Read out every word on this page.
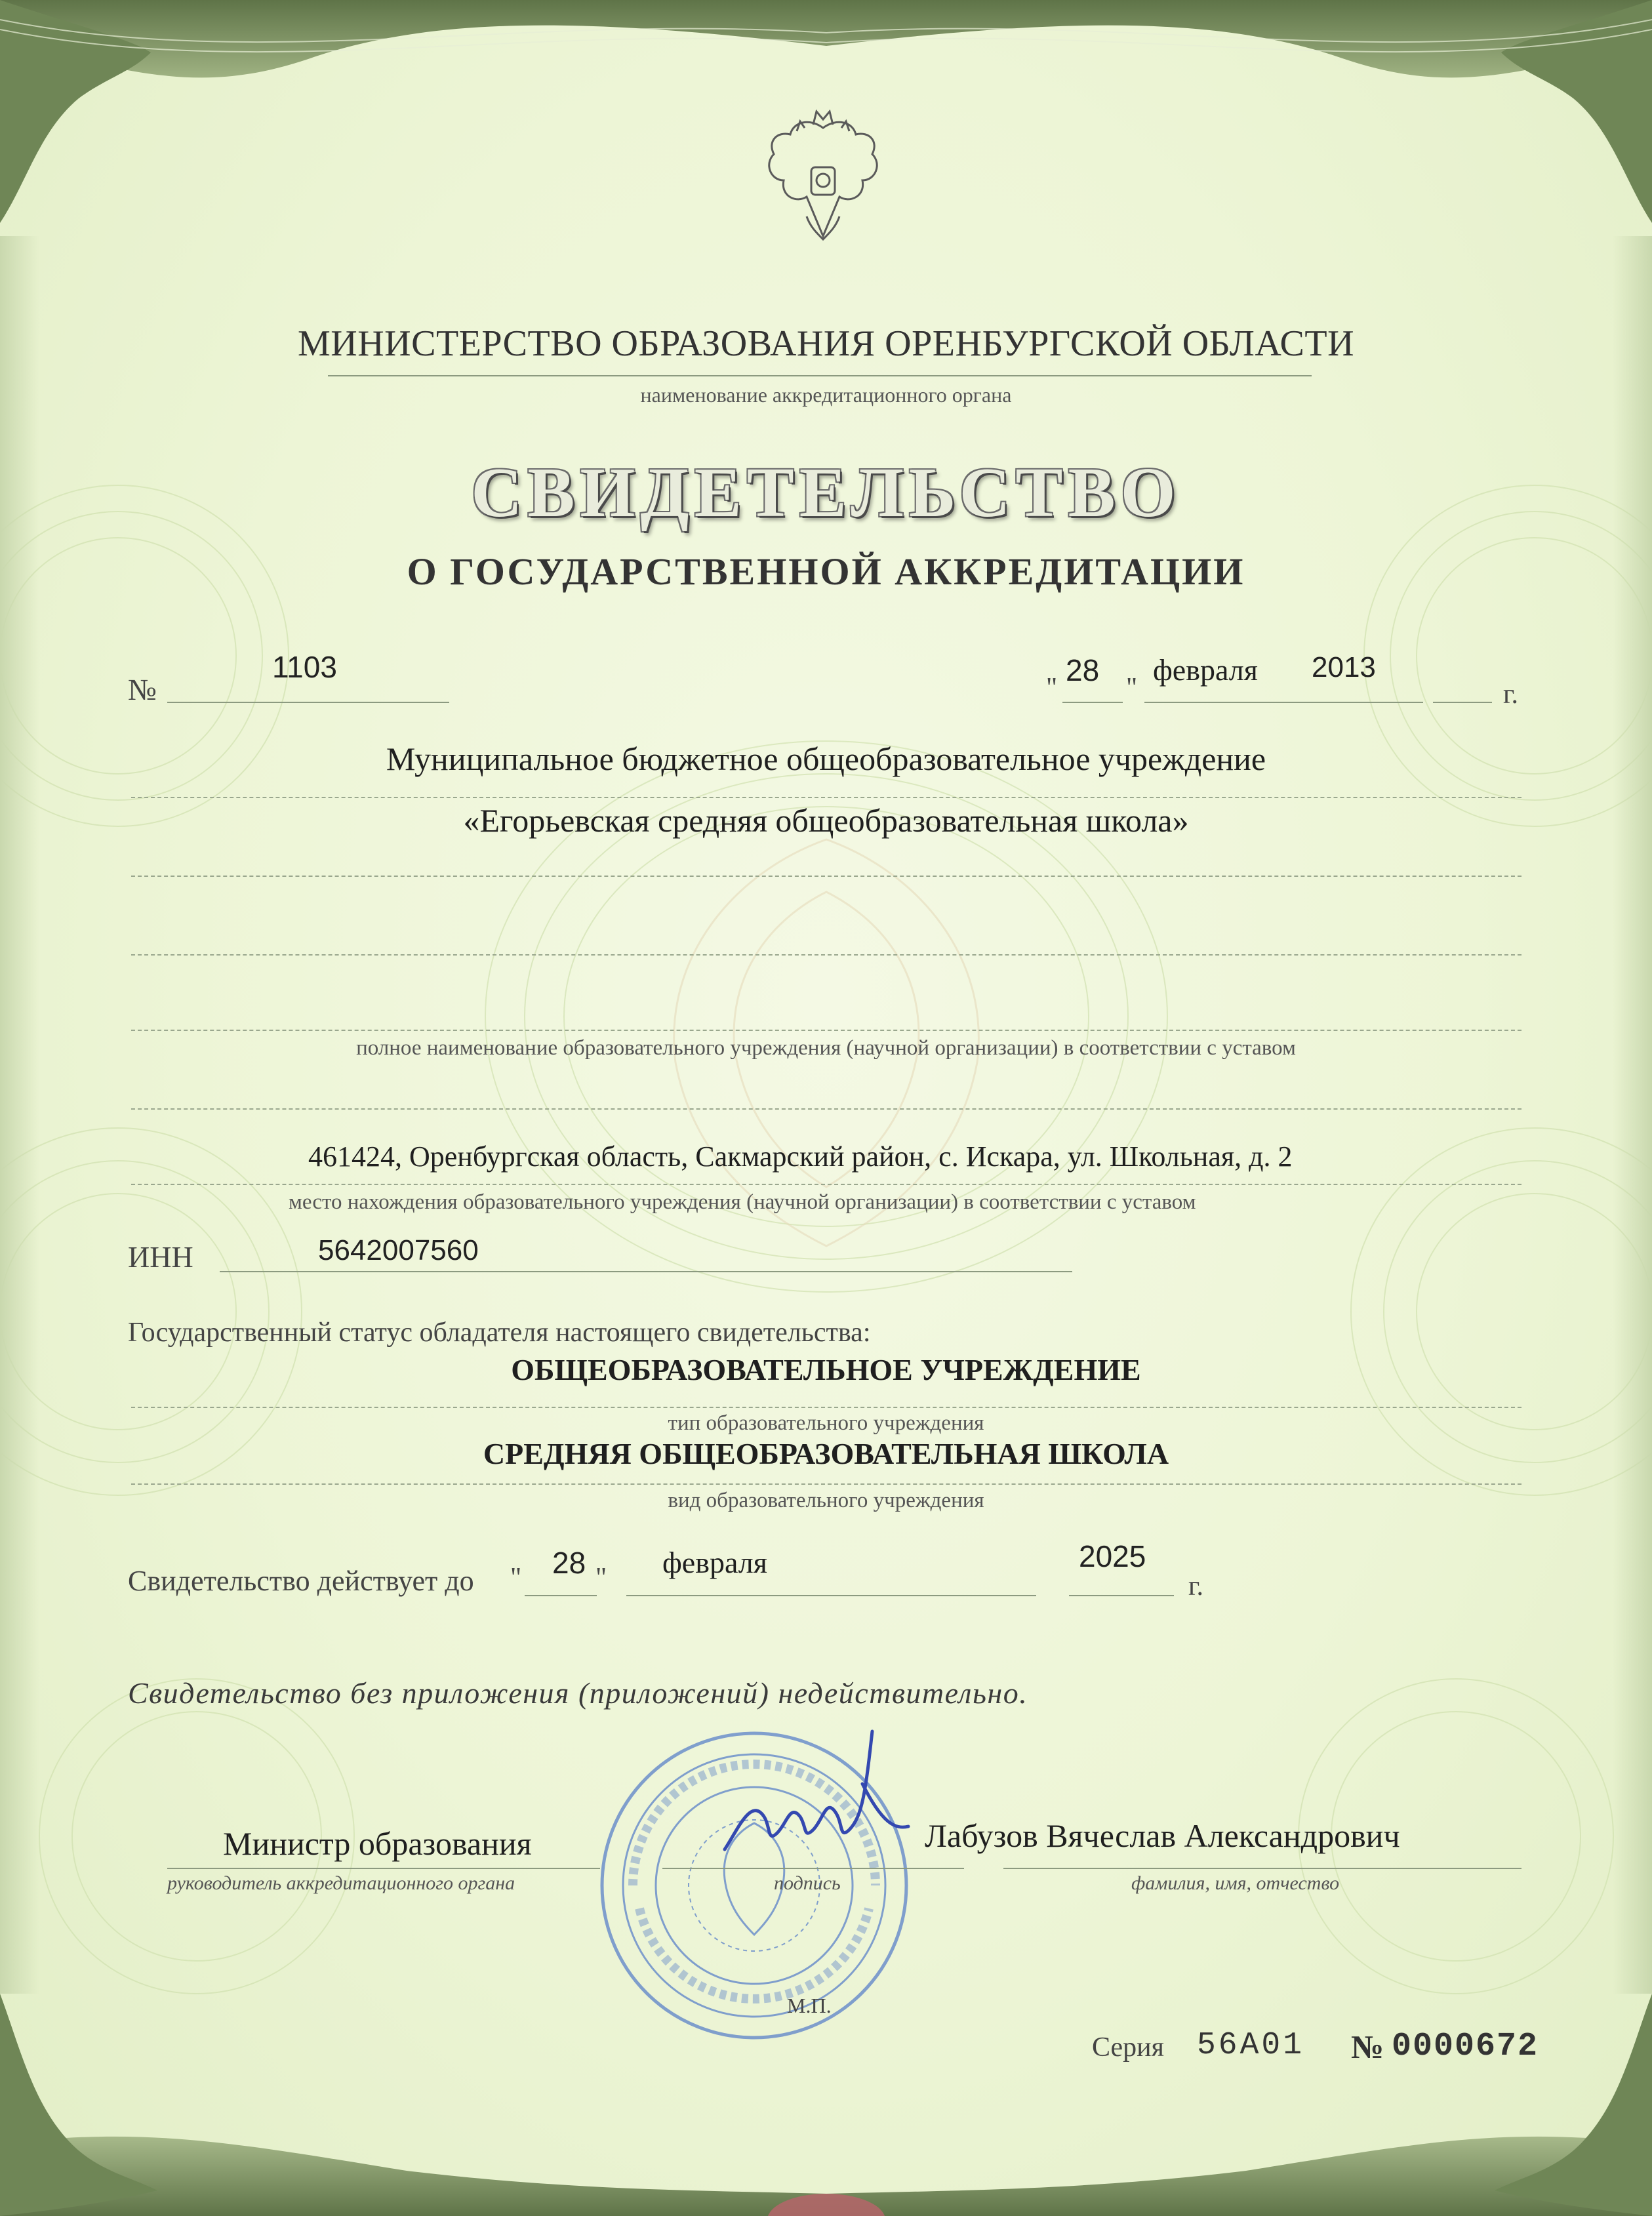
МИНИСТЕРСТВО ОБРАЗОВАНИЯ ОРЕНБУРГСКОЙ ОБЛАСТИ
наименование аккредитационного органа
СВИДЕТЕЛЬСТВО
О ГОСУДАРСТВЕННОЙ АККРЕДИТАЦИИ
№
1103
"
28
"
февраля 2013
г.
Муниципальное бюджетное общеобразовательное учреждение
«Егорьевская средняя общеобразовательная школа»
полное наименование образовательного учреждения (научной организации) в соответствии с уставом
461424, Оренбургская область, Сакмарский район, с. Искара, ул. Школьная, д. 2
место нахождения образовательного учреждения (научной организации) в соответствии с уставом
ИНН	5642007560
Государственный статус обладателя настоящего свидетельства:
ОБЩЕОБРАЗОВАТЕЛЬНОЕ УЧРЕЖДЕНИЕ
тип образовательного учреждения
СРЕДНЯЯ ОБЩЕОБРАЗОВАТЕЛЬНАЯ ШКОЛА
вид образовательного учреждения
Свидетельство действует до " 28 " февраля	2025
г.
Свидетельство без приложения (приложений) недействительно.
Министр образования
руководитель аккредитационного органа	подпись
Лабузов Вячеслав Александрович
фамилия, имя, отчество
М.П.
Серия 56А01 № 0000672
